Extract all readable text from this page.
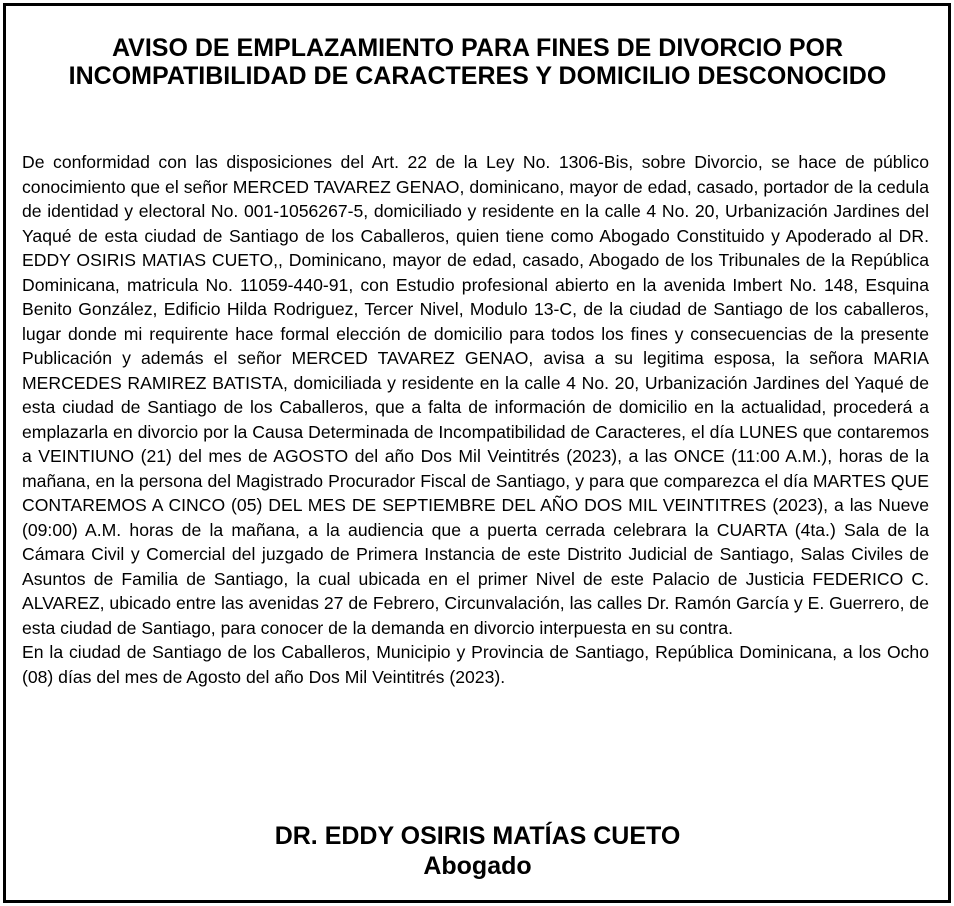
AVISO DE EMPLAZAMIENTO PARA FINES DE DIVORCIO POR INCOMPATIBILIDAD DE CARACTERES Y DOMICILIO DESCONOCIDO

De conformidad con las disposiciones del Art. 22 de la Ley No. 1306-Bis, sobre Divorcio, se hace de público conocimiento que el señor MERCED TAVAREZ GENAO, dominicano, mayor de edad, casado, portador de la cedula de identidad y electoral No. 001-1056267-5, domiciliado y residente en la calle 4 No. 20, Urbanización Jardines del Yaqué de esta ciudad de Santiago de los Caballeros, quien tiene como Abogado Constituido y Apoderado al DR. EDDY OSIRIS MATIAS CUETO,, Dominicano, mayor de edad, casado, Abogado de los Tribunales de la República Dominicana, matricula No. 11059-440-91, con Estudio profesional abierto en la avenida Imbert No. 148, Esquina Benito González, Edificio Hilda Rodriguez, Tercer Nivel, Modulo 13-C, de la ciudad de Santiago de los caballeros, lugar donde mi requirente hace formal elección de domicilio para todos los fines y consecuencias de la presente Publicación y además el señor MERCED TAVAREZ GENAO, avisa a su legitima esposa, la señora MARIA MERCEDES RAMIREZ BATISTA, domiciliada y residente en la calle 4 No. 20, Urbanización Jardines del Yaqué de esta ciudad de Santiago de los Caballeros, que a falta de información de domicilio en la actualidad, procederá a emplazarla en divorcio por la Causa Determinada de Incompatibilidad de Caracteres, el día LUNES que contaremos a VEINTIUNO (21) del mes de AGOSTO del año Dos Mil Veintitrés (2023), a las ONCE (11:00 A.M.), horas de la mañana, en la persona del Magistrado Procurador Fiscal de Santiago, y para que comparezca el día MARTES QUE CONTAREMOS A CINCO (05) DEL MES DE SEPTIEMBRE DEL AÑO DOS MIL VEINTITRES (2023), a las Nueve (09:00) A.M. horas de la mañana, a la audiencia que a puerta cerrada celebrara la CUARTA (4ta.) Sala de la Cámara Civil y Comercial del juzgado de Primera Instancia de este Distrito Judicial de Santiago, Salas Civiles de Asuntos de Familia de Santiago, la cual ubicada en el primer Nivel de este Palacio de Justicia FEDERICO C. ALVAREZ, ubicado entre las avenidas 27 de Febrero, Circunvalación, las calles Dr. Ramón García y E. Guerrero, de esta ciudad de Santiago, para conocer de la demanda en divorcio interpuesta en su contra.

En la ciudad de Santiago de los Caballeros, Municipio y Provincia de Santiago, República Dominicana, a los Ocho (08) días del mes de Agosto del año Dos Mil Veintitrés (2023).

DR. EDDY OSIRIS MATÍAS CUETO
Abogado
